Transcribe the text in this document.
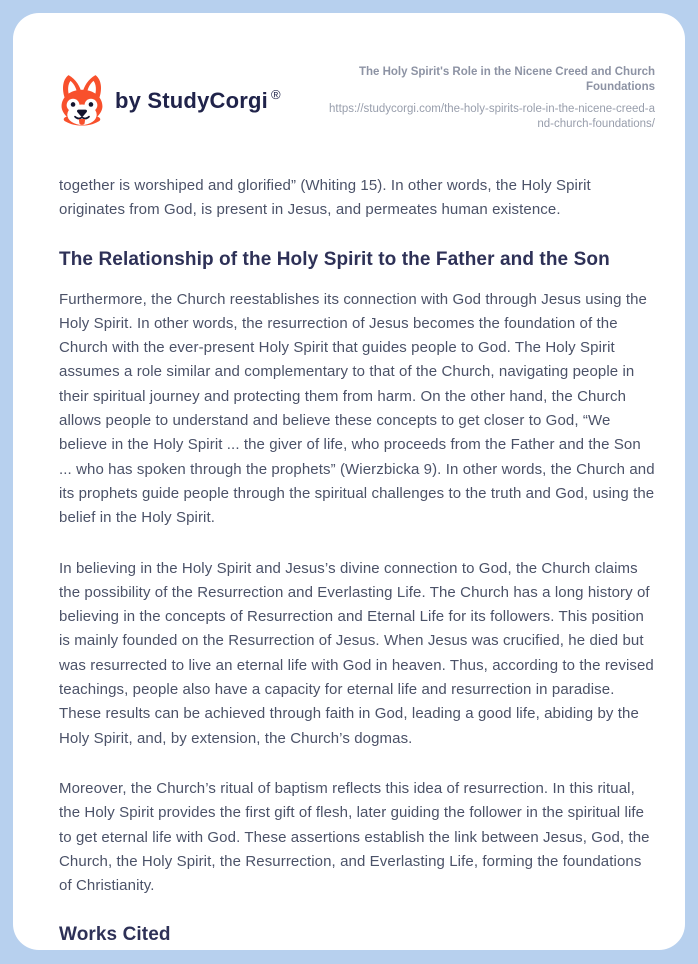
by StudyCorgi ®
The Holy Spirit's Role in the Nicene Creed and Church Foundations
https://studycorgi.com/the-holy-spirits-role-in-the-nicene-creed-and-church-foundations/

together is worshiped and glorified” (Whiting 15). In other words, the Holy Spirit originates from God, is present in Jesus, and permeates human existence.

The Relationship of the Holy Spirit to the Father and the Son

Furthermore, the Church reestablishes its connection with God through Jesus using the Holy Spirit. In other words, the resurrection of Jesus becomes the foundation of the Church with the ever-present Holy Spirit that guides people to God. The Holy Spirit assumes a role similar and complementary to that of the Church, navigating people in their spiritual journey and protecting them from harm. On the other hand, the Church allows people to understand and believe these concepts to get closer to God, “We believe in the Holy Spirit ... the giver of life, who proceeds from the Father and the Son ... who has spoken through the prophets” (Wierzbicka 9). In other words, the Church and its prophets guide people through the spiritual challenges to the truth and God, using the belief in the Holy Spirit.

In believing in the Holy Spirit and Jesus’s divine connection to God, the Church claims the possibility of the Resurrection and Everlasting Life. The Church has a long history of believing in the concepts of Resurrection and Eternal Life for its followers. This position is mainly founded on the Resurrection of Jesus. When Jesus was crucified, he died but was resurrected to live an eternal life with God in heaven. Thus, according to the revised teachings, people also have a capacity for eternal life and resurrection in paradise. These results can be achieved through faith in God, leading a good life, abiding by the Holy Spirit, and, by extension, the Church’s dogmas.

Moreover, the Church’s ritual of baptism reflects this idea of resurrection. In this ritual, the Holy Spirit provides the first gift of flesh, later guiding the follower in the spiritual life to get eternal life with God. These assertions establish the link between Jesus, God, the Church, the Holy Spirit, the Resurrection, and Everlasting Life, forming the foundations of Christianity.

Works Cited
